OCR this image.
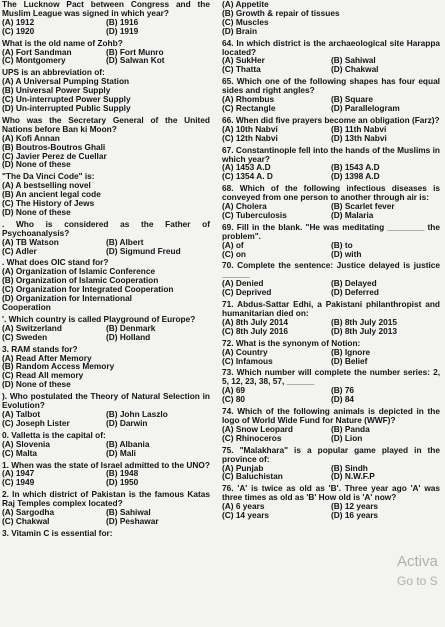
The Lucknow Pact between Congress and the Muslim League was signed in which year?
(A) 1912	(B) 1916
(C) 1920	(D) 1919
What is the old name of Zohb?
(A) Fort Sandman	(B) Fort Munro
(C) Montgomery	(D) Salwan Kot
UPS is an abbreviation of:
(A) A Universal Pumping Station
(B) Universal Power Supply
(C) Un-interrupted Power Supply
(D) Un-interrupted Public Supply
Who was the Secretary General of the United Nations before Ban ki Moon?
(A) Kofi Annan
(B) Boutros-Boutros Ghali
(C) Javier Perez de Cuellar
(D) None of these
"The Da Vinci Code" is:
(A) A bestselling novel
(B) An ancient legal code
(C) The History of Jews
(D) None of these
. Who is considered as the Father of Psychoanalysis?
(A) TB Watson	(B) Albert
(C) Adler	(D) Sigmund Freud
. What does OIC stand for?
(A) Organization of Islamic Conference
(B) Organization of Islamic Cooperation
(C) Organization for Integrated Cooperation
(D) Organization for International
Cooperation
'. Which country is called Playground of Europe?
(A) Switzerland	(B) Denmark
(C) Sweden	(D) Holland
3. RAM stands for?
(A) Read After Memory
(B) Random Access Memory
(C) Read All memory
(D) None of these
). Who postulated the Theory of Natural Selection in Evolution?
(A) Talbot	(B) John Laszlo
(C) Joseph Lister	(D) Darwin
0. Valletta is the capital of:
(A) Slovenia	(B) Albania
(C) Malta	(D) Mali
1. When was the state of Israel admitted to the UNO?
(A) 1947	(B) 1948
(C) 1949	(D) 1950
2. In which district of Pakistan is the famous Katas Raj Temples complex located?
(A) Sargodha	(B) Sahiwal
(C) Chakwal	(D) Peshawar
3. Vitamin C is essential for:
(A) Appetite
(B) Growth & repair of tissues
(C) Muscles
(D) Brain
64. In which district is the archaeological site Harappa located?
(A) SukHer	(B) Sahiwal
(C) Thatta	(D) Chakwal
65. Which one of the following shapes has four equal sides and right angles?
(A) Rhombus	(B) Square
(C) Rectangle	(D) Parallelogram
66. When did five prayers become an obligation (Farz)?
(A) 10th Nabvi	(B) 11th Nabvi
(C) 12th Nabvi	(D) 13th Nabvi
67. Constantinople fell into the hands of the Muslims in which year?
(A) 1453 A.D	(B) 1543 A.D
(C) 1354 A. D	(D) 1398 A.D
68. Which of the following infectious diseases is conveyed from one person to another through air is:
(A) Cholera	(B) Scarlet fever
(C) Tuberculosis	(D) Malaria
69. Fill in the blank. "He was meditating ________ the problem".
(A) of	(B) to
(C) on	(D) with
70. Complete the sentence: Justice delayed is justice ______
(A) Denied	(B) Delayed
(C) Deprived	(D) Deferred
71. Abdus-Sattar Edhi, a Pakistani philanthropist and humanitarian died on:
(A) 8th July 2014	(B) 8th July 2015
(C) 8th July 2016	(D) 8th July 2013
72. What is the synonym of Notion:
(A) Country	(B) Ignore
(C) Infamous	(D) Belief
73. Which number will complete the number series: 2, 5, 12, 23, 38, 57, ______
(A) 69	(B) 76
(C) 80	(D) 84
74. Which of the following animals is depicted in the logo of World Wide Fund for Nature (WWF)?
(A) Snow Leopard	(B) Panda
(C) Rhinoceros	(D) Lion
75. "Malakhara" is a popular game played in the province of:
(A) Punjab	(B) Sindh
(C) Baluchistan	(D) N.W.F.P
76. 'A' is twice as old as 'B'. Three year ago 'A' was three times as old as 'B' How old is 'A' now?
(A) 6 years	(B) 12 years
(C) 14 years	(D) 16 years
Activa
Go to S
